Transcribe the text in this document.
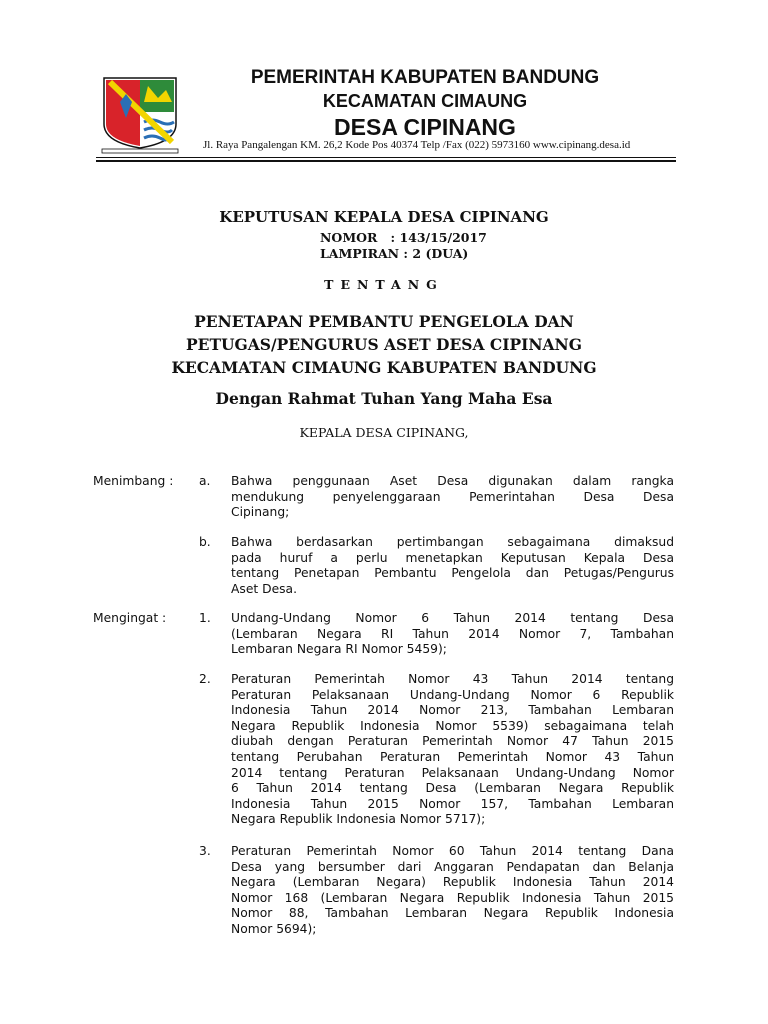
PEMERINTAH KABUPATEN BANDUNG
KECAMATAN CIMAUNG
DESA CIPINANG
Jl. Raya Pangalengan KM. 26,2 Kode Pos 40374 Telp /Fax (022) 5973160 www.cipinang.desa.id
KEPUTUSAN KEPALA DESA CIPINANG
NOMOR   : 143/15/2017
LAMPIRAN : 2 (DUA)
TENTANG
PENETAPAN PEMBANTU PENGELOLA DAN
PETUGAS/PENGURUS ASET DESA CIPINANG
KECAMATAN CIMAUNG KABUPATEN BANDUNG
Dengan Rahmat Tuhan Yang Maha Esa
KEPALA DESA CIPINANG,
Menimbang : a. Bahwa penggunaan Aset Desa digunakan dalam rangka
mendukung penyelenggaraan Pemerintahan Desa Desa
Cipinang;
b. Bahwa berdasarkan pertimbangan sebagaimana dimaksud
pada huruf a perlu menetapkan Keputusan Kepala Desa
tentang Penetapan Pembantu Pengelola dan Petugas/Pengurus
Aset Desa.
Mengingat :	1. Undang-Undang Nomor 6 Tahun 2014 tentang Desa
(Lembaran Negara RI Tahun 2014 Nomor 7, Tambahan
Lembaran Negara RI Nomor 5459);
2. Peraturan Pemerintah Nomor 43 Tahun 2014 tentang
Peraturan Pelaksanaan Undang-Undang Nomor 6 Republik
Indonesia Tahun 2014 Nomor 213, Tambahan Lembaran
Negara Republik Indonesia Nomor 5539) sebagaimana telah
diubah dengan Peraturan Pemerintah Nomor 47 Tahun 2015
tentang Perubahan Peraturan Pemerintah Nomor 43 Tahun
2014 tentang Peraturan Pelaksanaan Undang-Undang Nomor
6 Tahun 2014 tentang Desa (Lembaran Negara Republik
Indonesia Tahun 2015 Nomor 157, Tambahan Lembaran
Negara Republik Indonesia Nomor 5717);
3. Peraturan Pemerintah Nomor 60 Tahun 2014 tentang Dana
Desa yang bersumber dari Anggaran Pendapatan dan Belanja
Negara (Lembaran Negara) Republik Indonesia Tahun 2014
Nomor 168 (Lembaran Negara Republik Indonesia Tahun 2015
Nomor 88, Tambahan Lembaran Negara Republik Indonesia
Nomor 5694);
